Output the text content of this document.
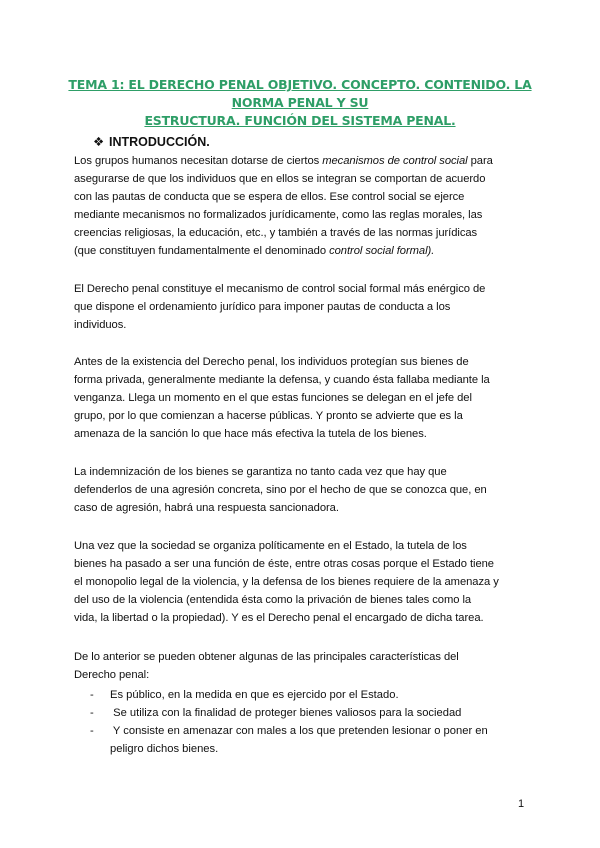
TEMA 1: EL DERECHO PENAL OBJETIVO. CONCEPTO. CONTENIDO. LA NORMA PENAL Y SU
ESTRUCTURA. FUNCIÓN DEL SISTEMA PENAL.
❖ INTRODUCCIÓN.
Los grupos humanos necesitan dotarse de ciertos mecanismos de control social para
asegurarse de que los individuos que en ellos se integran se comportan de acuerdo
con las pautas de conducta que se espera de ellos. Ese control social se ejerce
mediante mecanismos no formalizados jurídicamente, como las reglas morales, las
creencias religiosas, la educación, etc., y también a través de las normas jurídicas
(que constituyen fundamentalmente el denominado control social formal).
El Derecho penal constituye el mecanismo de control social formal más enérgico de
que dispone el ordenamiento jurídico para imponer pautas de conducta a los
individuos.
Antes de la existencia del Derecho penal, los individuos protegían sus bienes de
forma privada, generalmente mediante la defensa, y cuando ésta fallaba mediante la
venganza. Llega un momento en el que estas funciones se delegan en el jefe del
grupo, por lo que comienzan a hacerse públicas. Y pronto se advierte que es la
amenaza de la sanción lo que hace más efectiva la tutela de los bienes.
La indemnización de los bienes se garantiza no tanto cada vez que hay que
defenderlos de una agresión concreta, sino por el hecho de que se conozca que, en
caso de agresión, habrá una respuesta sancionadora.
Una vez que la sociedad se organiza políticamente en el Estado, la tutela de los
bienes ha pasado a ser una función de éste, entre otras cosas porque el Estado tiene
el monopolio legal de la violencia, y la defensa de los bienes requiere de la amenaza y
del uso de la violencia (entendida ésta como la privación de bienes tales como la
vida, la libertad o la propiedad). Y es el Derecho penal el encargado de dicha tarea.
De lo anterior se pueden obtener algunas de las principales características del
Derecho penal:
- Es público, en la medida en que es ejercido por el Estado.
- Se utiliza con la finalidad de proteger bienes valiosos para la sociedad
- Y consiste en amenazar con males a los que pretenden lesionar o poner en
peligro dichos bienes.
1
